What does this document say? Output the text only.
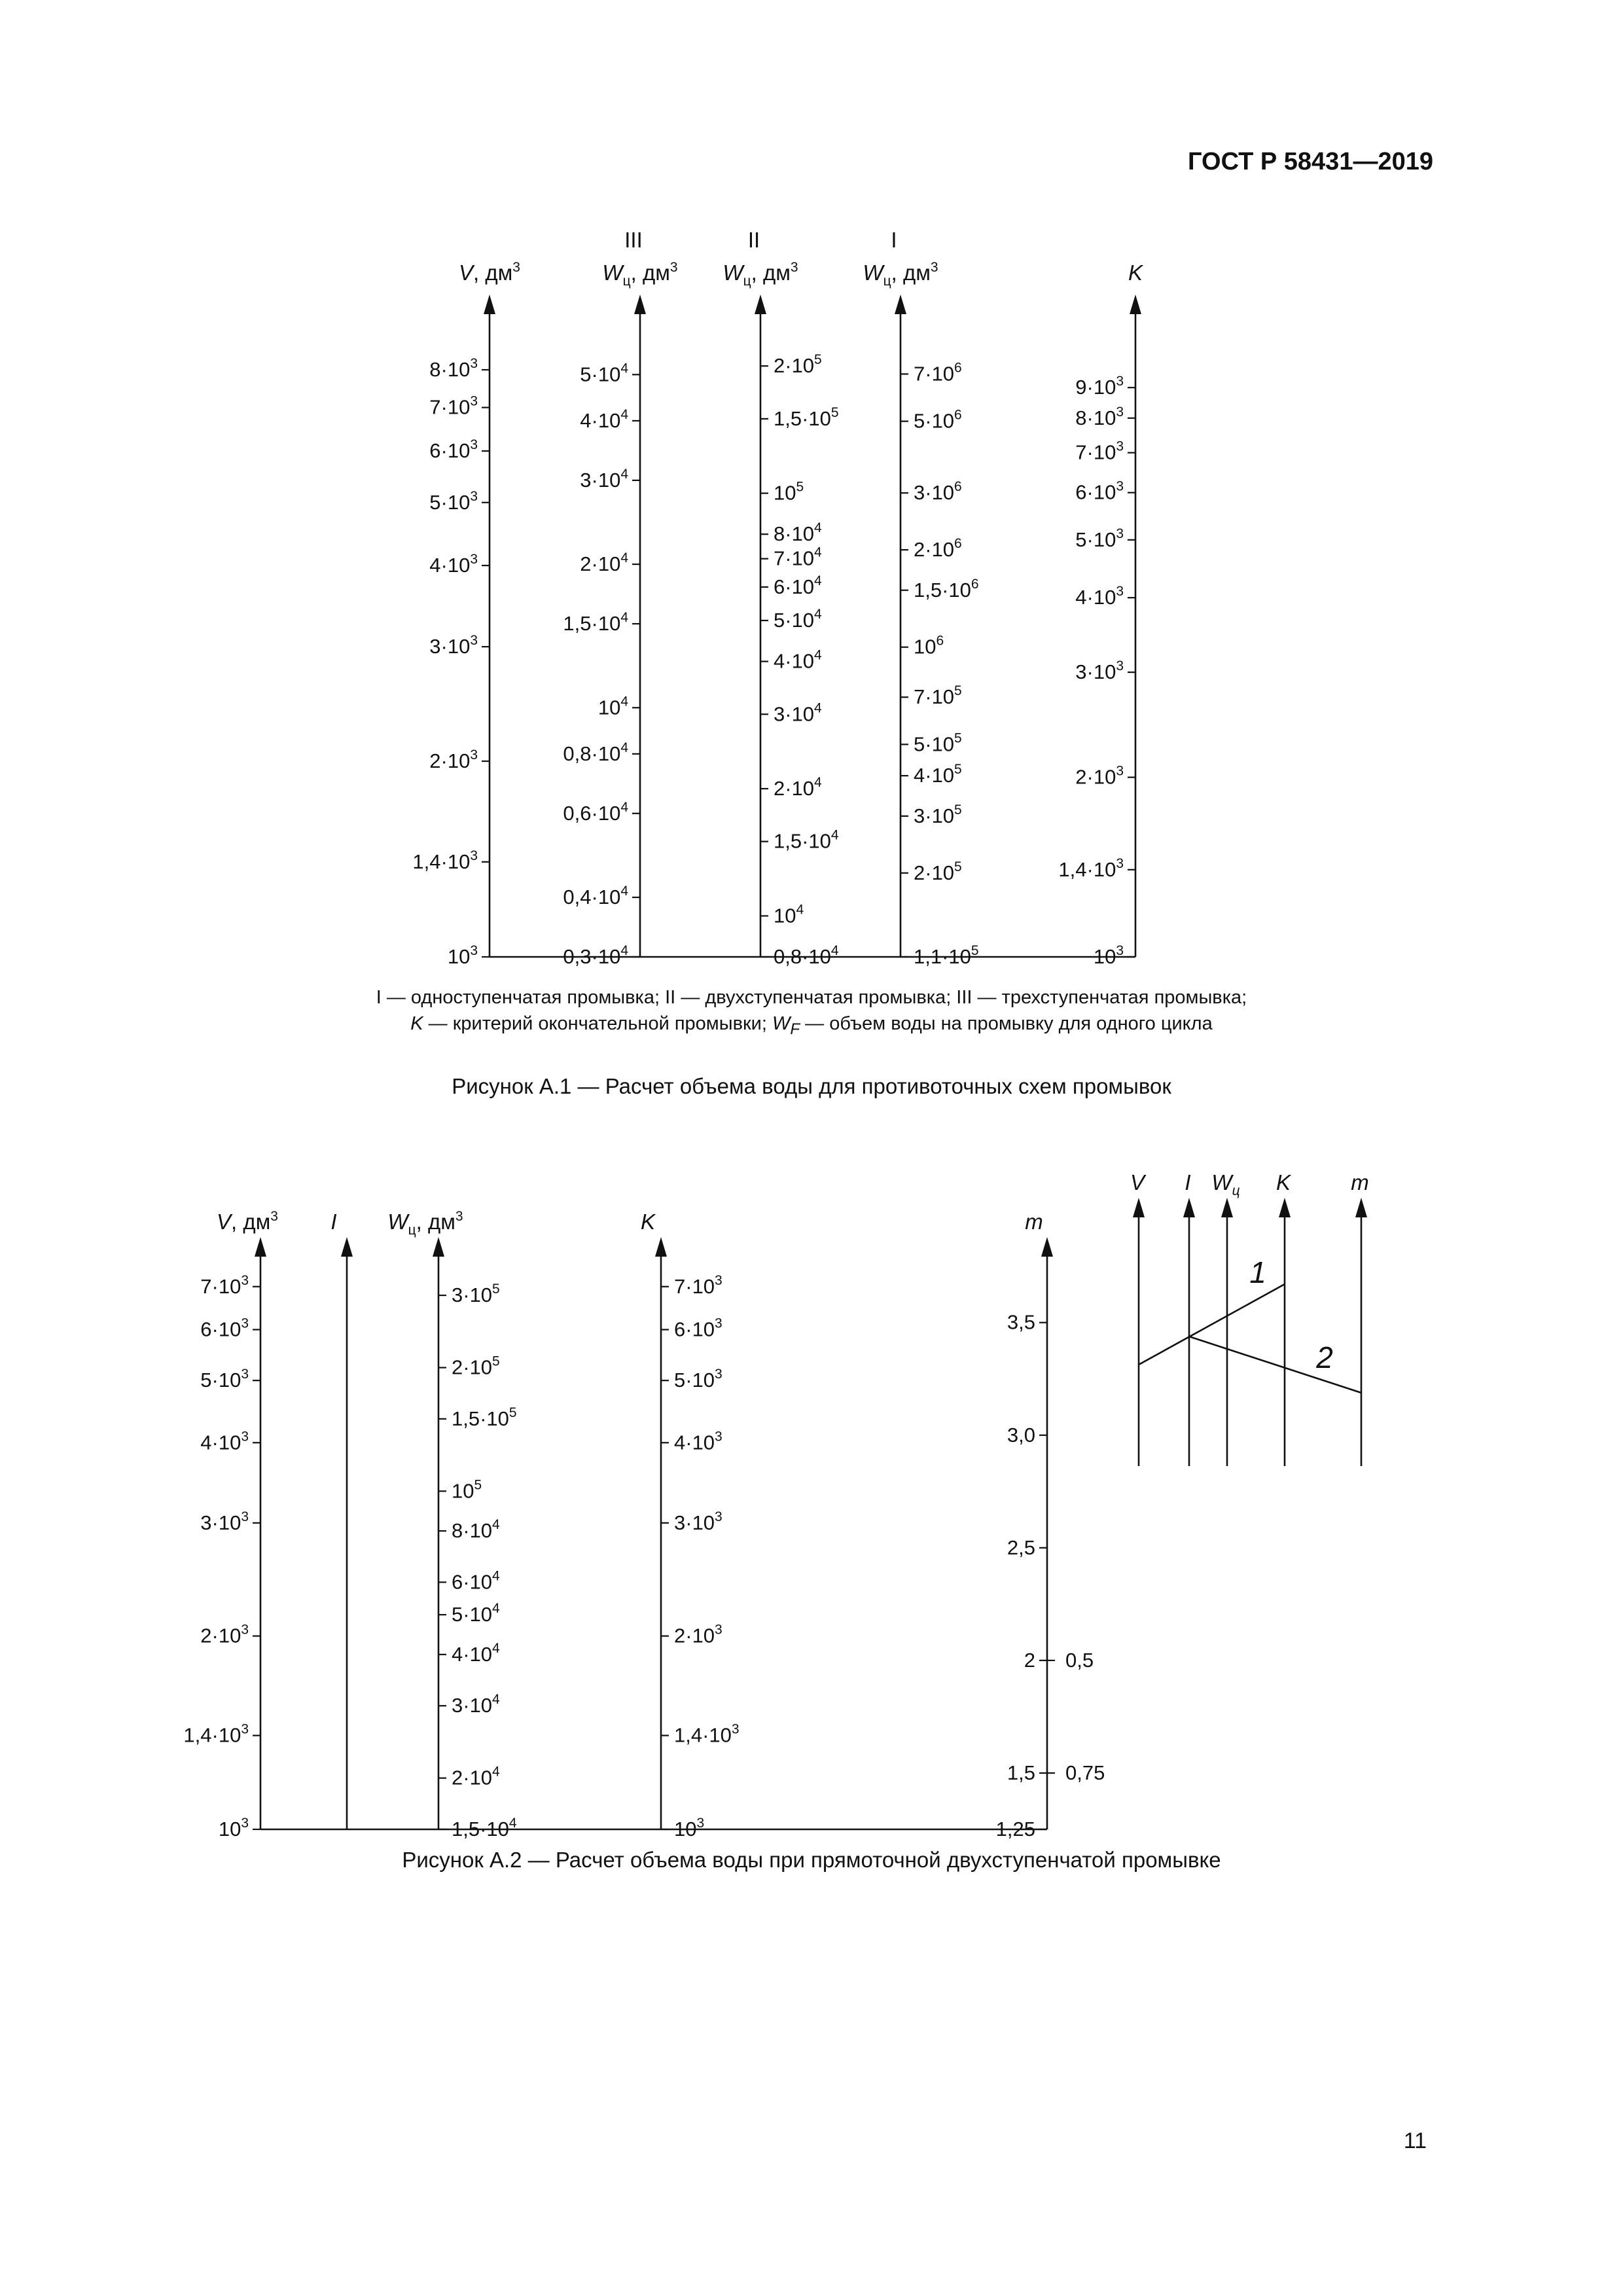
ГОСТ Р 58431—2019
V, $дм^3$
$8\cdot 10^3$
$7\cdot 10^3$
$6\cdot 10^3$
$5\cdot 10^3$
$4\cdot 10^3$
$3\cdot 10^3$
$2\cdot 10^3$
$1,4\cdot 10^3$
$10^3$
$W_ц$, $дм^3$
III
$5\cdot 10^4$
$4\cdot 10^4$
$3\cdot 10^4$
$2\cdot 10^4$
$1,5\cdot 10^4$
$10^4$
$0,8\cdot 10^4$
$0,6\cdot 10^4$
$0,4\cdot 10^4$
$0,3\cdot 10^4$
$W_ц$, $дм^3$
II
$2\cdot 10^5$
$1,5\cdot 10^5$
$10^5$
$8\cdot 10^4$
$7\cdot 10^4$
$6\cdot 10^4$
$5\cdot 10^4$
$4\cdot 10^4$
$3\cdot 10^4$
$2\cdot 10^4$
$1,5\cdot 10^4$
$10^4$
$0,8\cdot 10^4$
$W_ц$, $дм^3$
I
$7\cdot 10^6$
$5\cdot 10^6$
$3\cdot 10^6$
$2\cdot 10^6$
$1,5\cdot 10^6$
$10^6$
$7\cdot 10^5$
$5\cdot 10^5$
$4\cdot 10^5$
$3\cdot 10^5$
$2\cdot 10^5$
$1,1\cdot 10^5$
K
$9\cdot 10^3$
$8\cdot 10^3$
$7\cdot 10^3$
$6\cdot 10^3$
$5\cdot 10^3$
$4\cdot 10^3$
$3\cdot 10^3$
$2\cdot 10^3$
$1,4\cdot 10^3$
$10^3$
V, $дм^3$
$7\cdot 10^3$
$6\cdot 10^3$
$5\cdot 10^3$
$4\cdot 10^3$
$3\cdot 10^3$
$2\cdot 10^3$
$1,4\cdot 10^3$
$10^3$
I $W_ц$, $дм^3$
$3\cdot 10^5$
$2\cdot 10^5$
$1,5\cdot 10^5$
$10^5$
$8\cdot 10^4$
$6\cdot 10^4$
$5\cdot 10^4$
$4\cdot 10^4$
$3\cdot 10^4$
$2\cdot 10^4$
$1,5\cdot 10^4$
K
$7\cdot 10^3$
$6\cdot 10^3$
$5\cdot 10^3$
$4\cdot 10^3$
$3\cdot 10^3$
$2\cdot 10^3$
$1,4\cdot 10^3$
$10^3$
m
3,5
3,0
2,5
2
1,5
1,25
0,5
0,75
V I $W_ц$ K	m
1
2
I — одноступенчатая промывка; II — двухступенчатая промывка; III — трехступенчатая промывка;
K — критерий окончательной промывки; $W_F$ — объем воды на промывку для одного цикла
Рисунок А.1 — Расчет объема воды для противоточных схем промывок
Рисунок А.2 — Расчет объема воды при прямоточной двухступенчатой промывке
11
